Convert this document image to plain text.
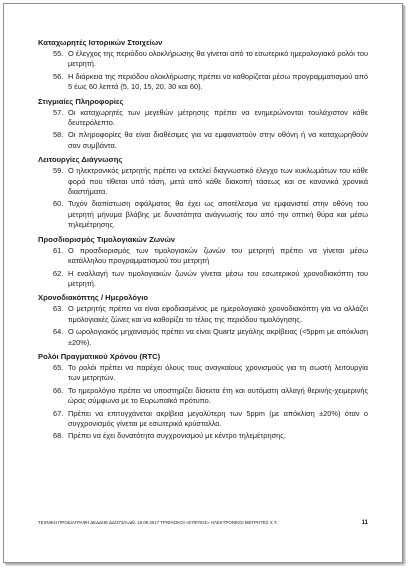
Καταχωρητές Ιστορικών Στοιχείων
55. Ο έλεγχος της περιόδου ολοκλήρωσης θα γίνεται από το εσωτερικό ημερολογιακό ρολόι του μετρητή.
56. Η διάρκεια της περιόδου ολοκλήρωσης πρέπει να καθορίζεται μέσω προγραμματισμού από 5 έως 60 λεπτά (5, 10, 15, 20, 30 και 60).
Στιγμιαίες Πληροφορίες
57. Οι καταχωρητές των μεγεθών μέτρησης πρέπει να ενημερώνονται τουλάχιστον κάθε δευτερόλεπτο.
58. Οι πληροφορίες θα είναι διαθέσιμες για να εμφανιστούν στην οθόνη ή να καταχωρηθούν σαν συμβάντα.
Λειτουργίες Διάγνωσης
59. Ο ηλεκτρονικός μετρητής πρέπει να εκτελεί διαγνωστικό έλεγχο των κυκλωμάτων του κάθε φορά που τίθεται υπό τάση, μετά από κάθε διακοπή τάσεως και σε κανονικά χρονικά διαστήματα.
60. Τυχόν διαπίστωση σφάλματος θα έχει ως αποτέλεσμα να εμφανιστεί στην οθόνη του μετρητή μήνυμα βλάβης με δυνατότητα ανάγνωσής του από την οπτική θύρα και μέσω τηλεμέτρησης.
Προσδιορισμός Τιμολογιακών Ζωνών
61. Ο προσδιορισμός των τιμολογιακών ζωνών του μετρητή πρέπει να γίνεται μέσω κατάλληλου προγραμματισμού του μετρητή
62. Η εναλλαγή των τιμολογιακών ζωνών γίνεται μέσω του εσωτερικού χρονοδιακόπτη του μετρητή.
Χρονοδιακόπτης / Ημερολόγιο
63. Ο μετρητής πρέπει να είναι εφοδιασμένος με ημερολογιακό χρονοδιακόπτη για να αλλάζει τιμολογιακές ζώνες και να καθορίζει το τέλος της περιόδου τιμολόγησης.
64. Ο ωρολογιακός μηχανισμός πρέπει να είναι Quartz μεγάλης ακρίβειας (<5ppm με απόκλιση ±20%).
Ρολόι Πραγματικού Χρόνου (RTC)
65. Το ρολόι πρέπει να παρέχει όλους τους αναγκαίους χρονισμούς για τη σωστή λειτουργία των μετρητών.
66. Το ημερολόγιο πρέπει να υποστηρίζει δίσεκτα έτη και αυτόματη αλλαγή θερινής-χειμερινής ώρας σύμφωνα με το Ευρωπαϊκό πρότυπο.
67. Πρέπει να επιτυγχάνεται ακρίβεια μεγαλύτερη των 5ppm (με απόκλιση ±20%) όταν ο συγχρονισμός γίνεται με εσωτερικό κρύσταλλο.
68. Πρέπει να έχει δυνατότητα συγχρονισμού με κέντρο τηλεμέτρησης.
ΤΕΧΝΙΚΗ ΠΡΟΔΙΑΓΡΑΦΗ ΔΕΔΔΗΕ ΔΔ/373/Αναθ. 19.09.2017 ΤΡΙΦΑΣΙΚΟΙ «ΕΥΦΥΕΙΣ» ΗΛΕΚΤΡΟΝΙΚΟΙ ΜΕΤΡΗΤΕΣ Χ.Τ.	11
